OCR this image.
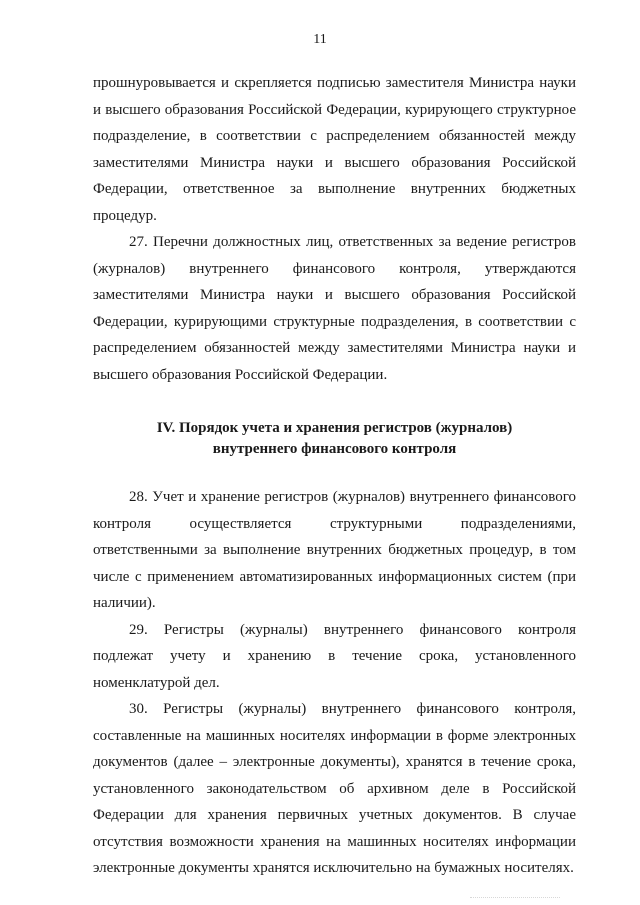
11

прошнуровывается и скрепляется подписью заместителя Министра науки и высшего образования Российской Федерации, курирующего структурное подразделение, в соответствии с распределением обязанностей между заместителями Министра науки и высшего образования Российской Федерации, ответственное за выполнение внутренних бюджетных процедур.

27. Перечни должностных лиц, ответственных за ведение регистров (журналов) внутреннего финансового контроля, утверждаются заместителями Министра науки и высшего образования Российской Федерации, курирующими структурные подразделения, в соответствии с распределением обязанностей между заместителями Министра науки и высшего образования Российской Федерации.

IV. Порядок учета и хранения регистров (журналов)
внутреннего финансового контроля

28. Учет и хранение регистров (журналов) внутреннего финансового контроля осуществляется структурными подразделениями, ответственными за выполнение внутренних бюджетных процедур, в том числе с применением автоматизированных информационных систем (при наличии).

29. Регистры (журналы) внутреннего финансового контроля подлежат учету и хранению в течение срока, установленного номенклатурой дел.

30. Регистры (журналы) внутреннего финансового контроля, составленные на машинных носителях информации в форме электронных документов (далее – электронные документы), хранятся в течение срока, установленного законодательством об архивном деле в Российской Федерации для хранения первичных учетных документов. В случае отсутствия возможности хранения на машинных носителях информации электронные документы хранятся исключительно на бумажных носителях.
